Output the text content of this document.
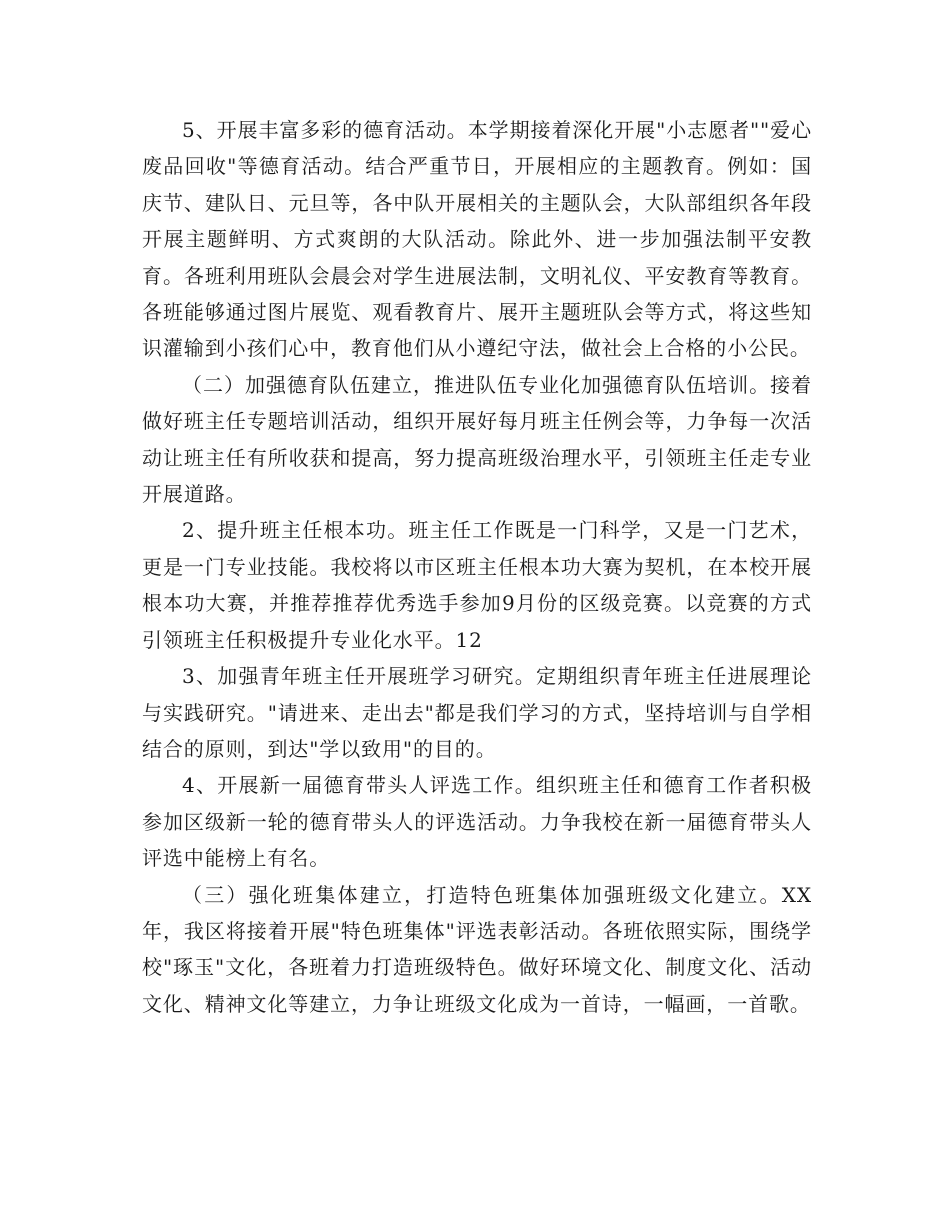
5、开展丰富多彩的德育活动。本学期接着深化开展"小志愿者""爱心废品回收"等德育活动。结合严重节日，开展相应的主题教育。例如：国庆节、建队日、元旦等，各中队开展相关的主题队会，大队部组织各年段开展主题鲜明、方式爽朗的大队活动。除此外、进一步加强法制平安教育。各班利用班队会晨会对学生进展法制，文明礼仪、平安教育等教育。各班能够通过图片展览、观看教育片、展开主题班队会等方式，将这些知识灌输到小孩们心中，教育他们从小遵纪守法，做社会上合格的小公民。

（二）加强德育队伍建立，推进队伍专业化加强德育队伍培训。接着做好班主任专题培训活动，组织开展好每月班主任例会等，力争每一次活动让班主任有所收获和提高，努力提高班级治理水平，引领班主任走专业开展道路。

2、提升班主任根本功。班主任工作既是一门科学，又是一门艺术，更是一门专业技能。我校将以市区班主任根本功大赛为契机，在本校开展根本功大赛，并推荐推荐优秀选手参加9月份的区级竞赛。以竞赛的方式引领班主任积极提升专业化水平。12

3、加强青年班主任开展班学习研究。定期组织青年班主任进展理论与实践研究。"请进来、走出去"都是我们学习的方式，坚持培训与自学相结合的原则，到达"学以致用"的目的。

4、开展新一届德育带头人评选工作。组织班主任和德育工作者积极参加区级新一轮的德育带头人的评选活动。力争我校在新一届德育带头人评选中能榜上有名。

（三）强化班集体建立，打造特色班集体加强班级文化建立。XX年，我区将接着开展"特色班集体"评选表彰活动。各班依照实际，围绕学校"琢玉"文化，各班着力打造班级特色。做好环境文化、制度文化、活动文化、精神文化等建立，力争让班级文化成为一首诗，一幅画，一首歌。
